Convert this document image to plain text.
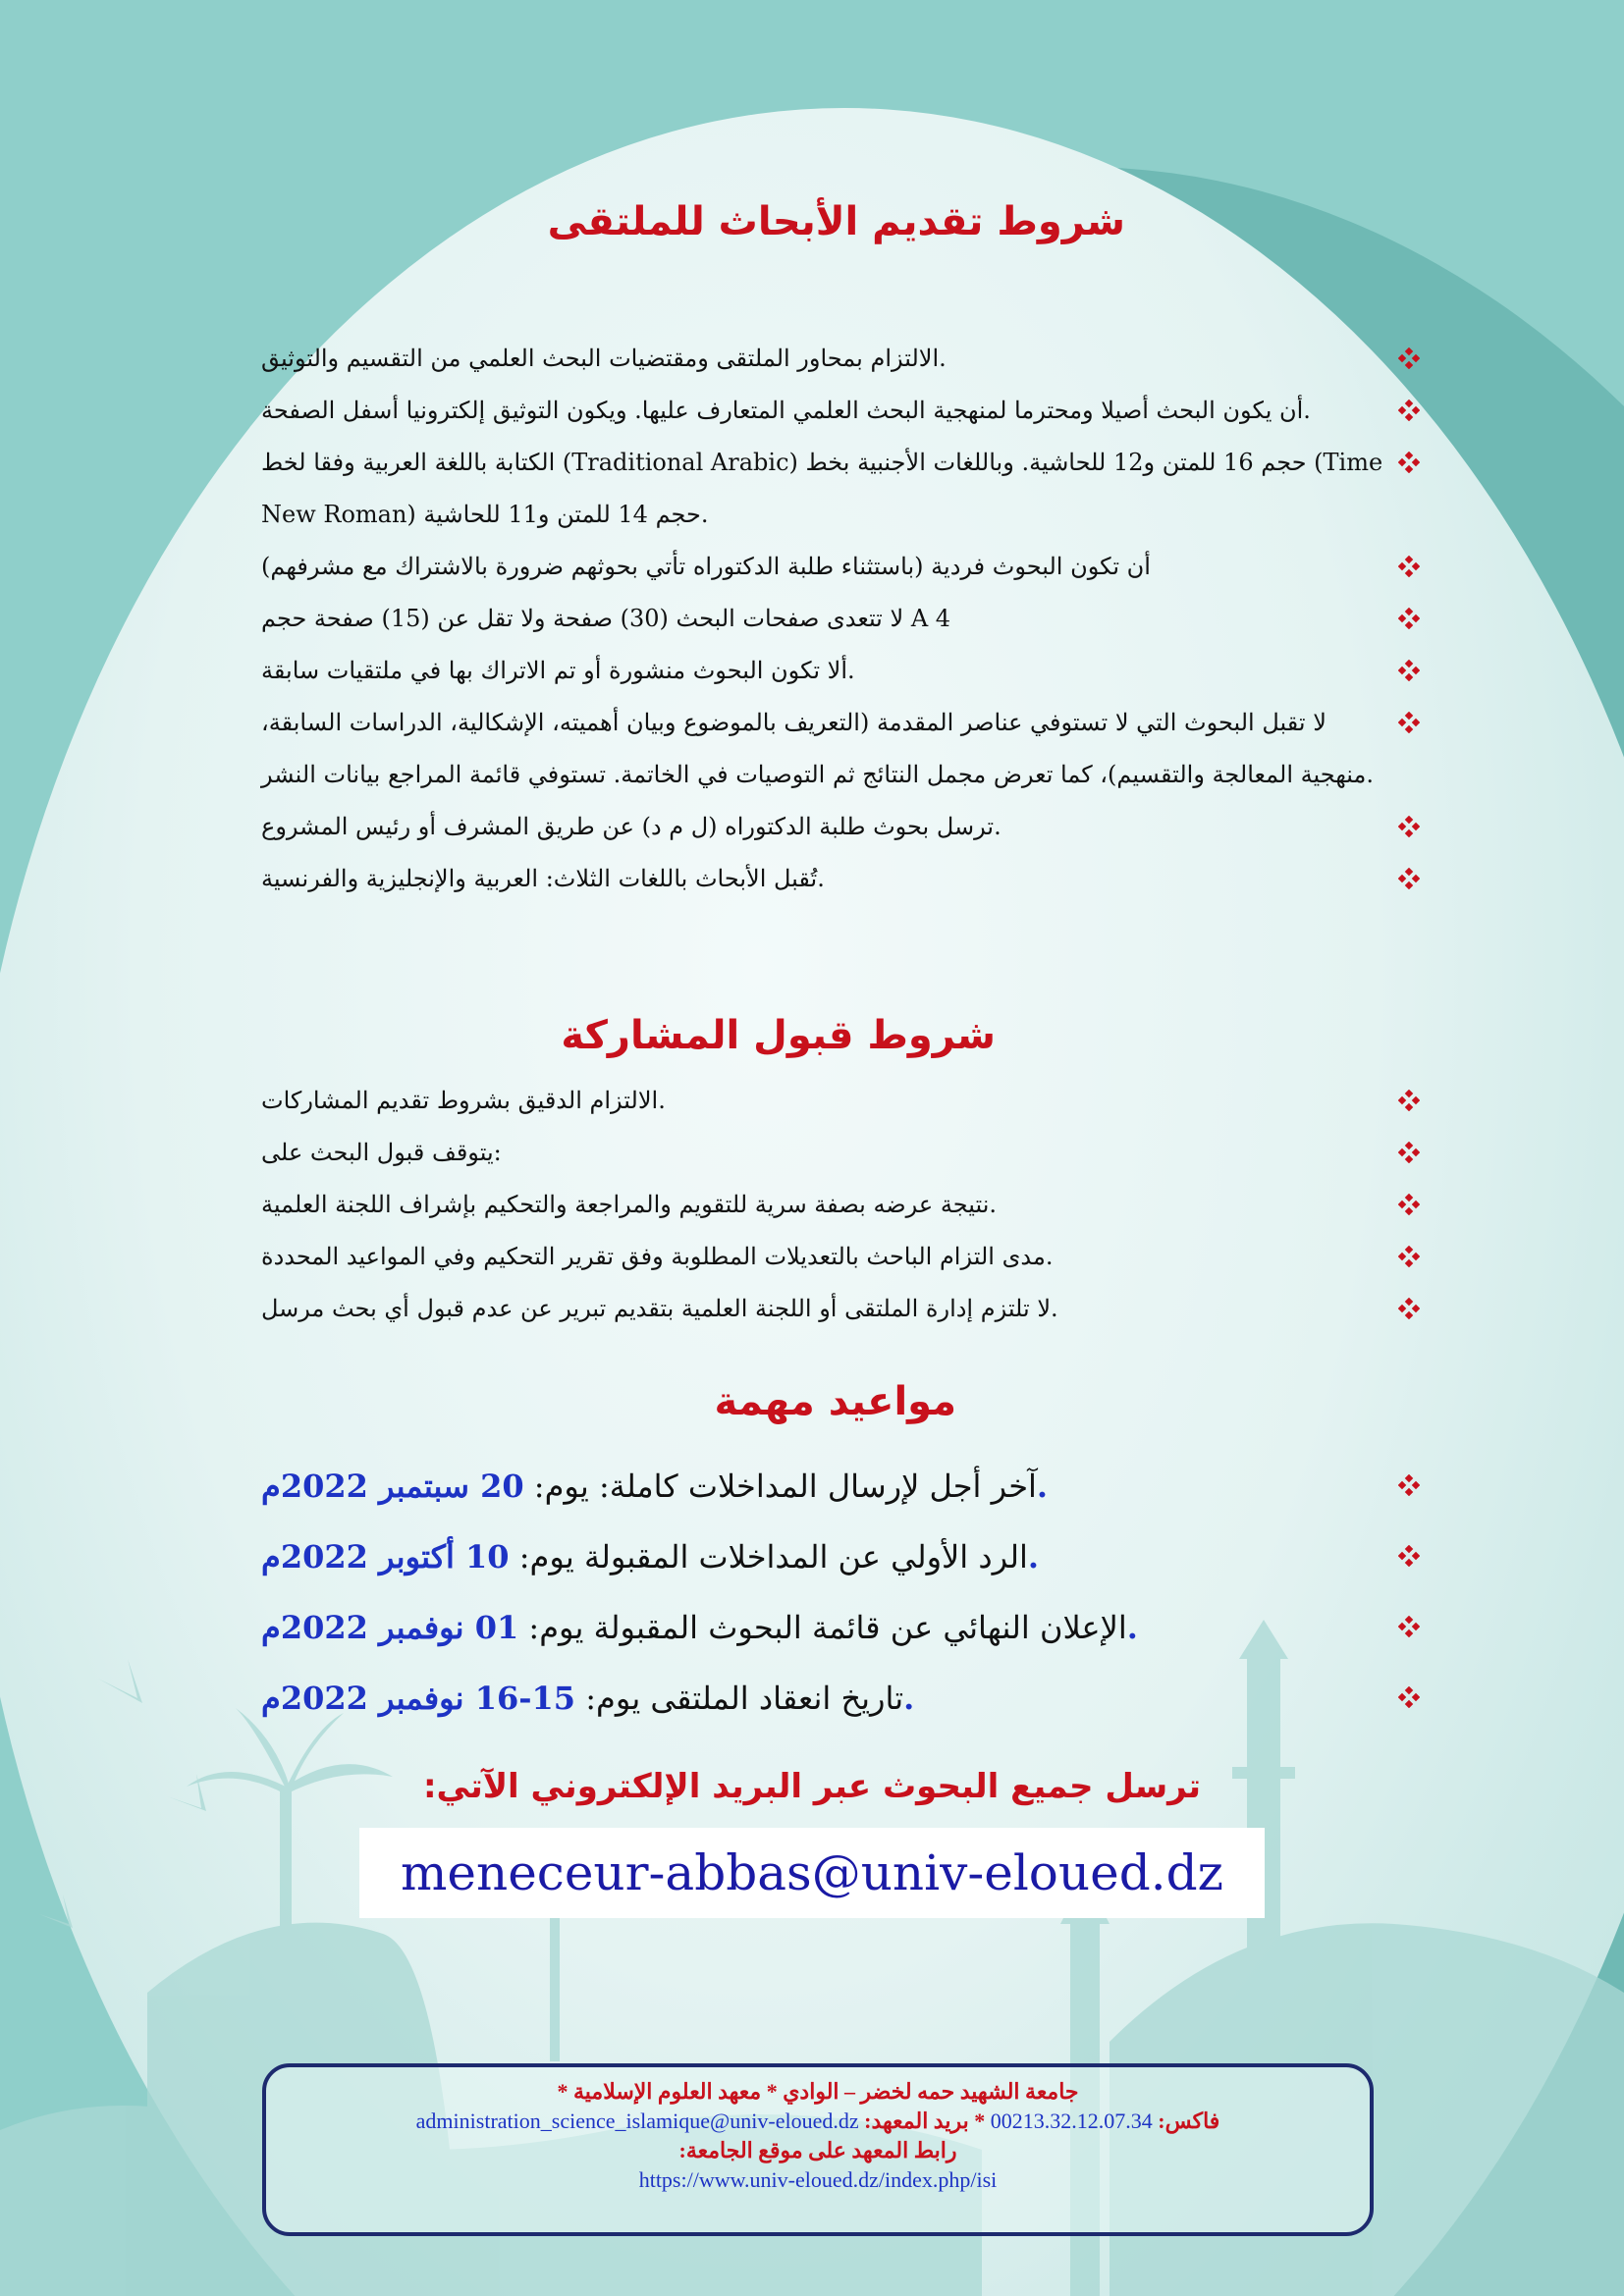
شروط تقديم الأبحاث للملتقى
الالتزام بمحاور الملتقى ومقتضيات البحث العلمي من التقسيم والتوثيق.
أن يكون البحث أصيلا ومحترما لمنهجية البحث العلمي المتعارف عليها. ويكون التوثيق إلكترونيا أسفل الصفحة.
الكتابة باللغة العربية وفقا لخط (Traditional Arabic) حجم 16 للمتن و12 للحاشية. وباللغات الأجنبية بخط (Time New Roman) حجم 14 للمتن و11 للحاشية.
أن تكون البحوث فردية (باستثناء طلبة الدكتوراه تأتي بحوثهم ضرورة بالاشتراك مع مشرفهم)
لا تتعدى صفحات البحث (30) صفحة ولا تقل عن (15) صفحة حجم A 4
ألا تكون البحوث منشورة أو تم الاتراك بها في ملتقيات سابقة.
لا تقبل البحوث التي لا تستوفي عناصر المقدمة (التعريف بالموضوع وبيان أهميته، الإشكالية، الدراسات السابقة، منهجية المعالجة والتقسيم)، كما تعرض مجمل النتائج ثم التوصيات في الخاتمة. تستوفي قائمة المراجع بيانات النشر.
ترسل بحوث طلبة الدكتوراه (ل م د) عن طريق المشرف أو رئيس المشروع.
تُقبل الأبحاث باللغات الثلاث: العربية والإنجليزية والفرنسية.
شروط قبول المشاركة
الالتزام الدقيق بشروط تقديم المشاركات.
يتوقف قبول البحث على:
نتيجة عرضه بصفة سرية للتقويم والمراجعة والتحكيم بإشراف اللجنة العلمية.
مدى التزام الباحث بالتعديلات المطلوبة وفق تقرير التحكيم وفي المواعيد المحددة.
لا تلتزم إدارة الملتقى أو اللجنة العلمية بتقديم تبرير عن عدم قبول أي بحث مرسل.
مواعيد مهمة
آخر أجل لإرسال المداخلات كاملة: يوم: 20 سبتمبر 2022م.
الرد الأولي عن المداخلات المقبولة يوم: 10 أكتوبر 2022م.
الإعلان النهائي عن قائمة البحوث المقبولة يوم: 01 نوفمبر 2022م.
تاريخ انعقاد الملتقى يوم: 15-16 نوفمبر 2022م.
ترسل جميع البحوث عبر البريد الإلكتروني الآتي:
meneceur-abbas@univ-eloued.dz
جامعة الشهيد حمه لخضر – الوادي * معهد العلوم الإسلامية *
فاكس: 00213.32.12.07.34 * بريد المعهد: administration_science_islamique@univ-eloued.dz
رابط المعهد على موقع الجامعة:
https://www.univ-eloued.dz/index.php/isi
